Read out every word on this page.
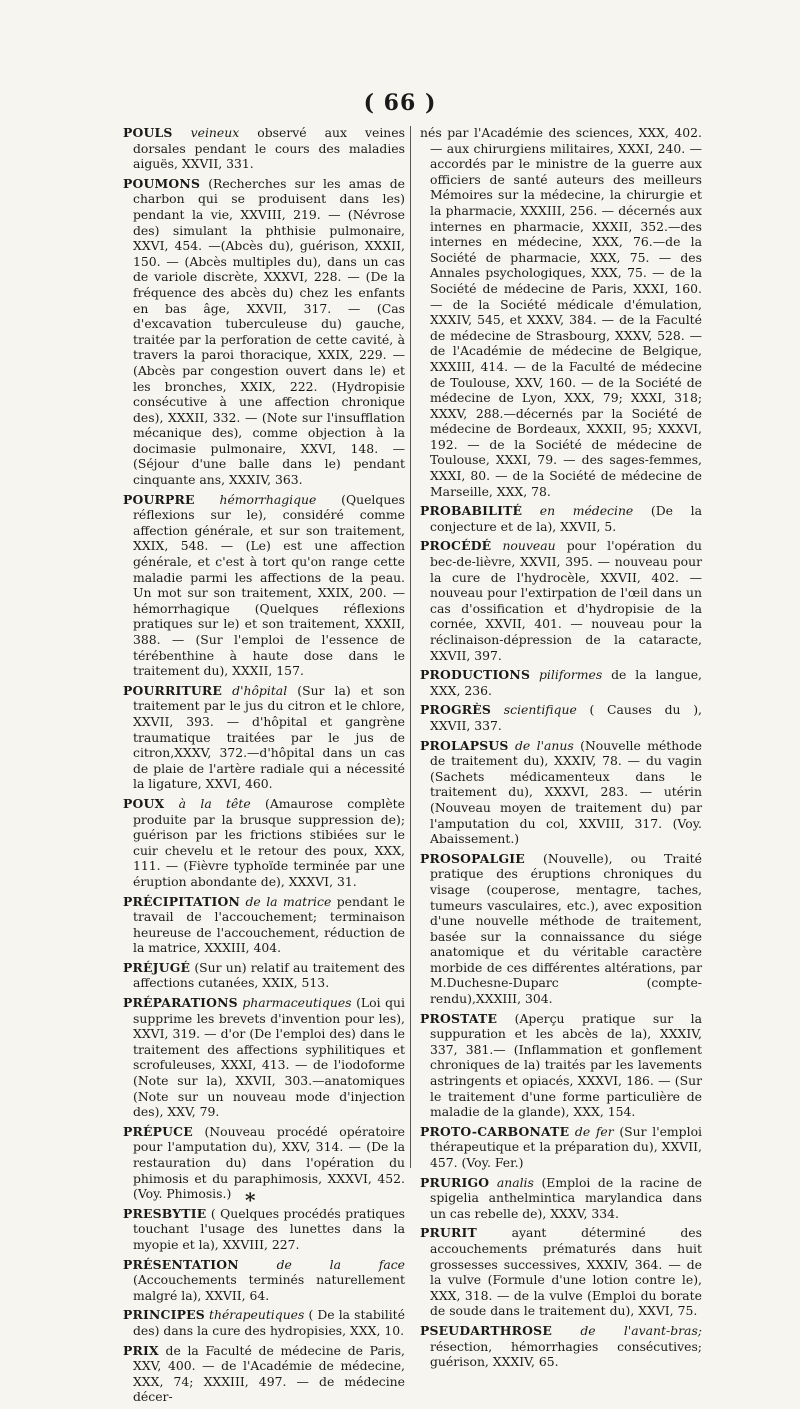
( 66 )

POULS veineux observé aux veines dorsales pendant le cours des maladies aiguës, XXVII, 331.

POUMONS (Recherches sur les amas de charbon qui se produisent dans les) pendant la vie, XXVIII, 219. — (Névrose des) simulant la phthisie pulmonaire, XXVI, 454. —(Abcès du), guérison, XXXII, 150. — (Abcès multiples du), dans un cas de variole discrète, XXXVI, 228. — (De la fréquence des abcès du) chez les enfants en bas âge, XXVII, 317. — (Cas d'excavation tuberculeuse du) gauche, traitée par la perforation de cette cavité, à travers la paroi thoracique, XXIX, 229. — (Abcès par congestion ouvert dans le) et les bronches, XXIX, 222. (Hydropisie consécutive à une affection chronique des), XXXII, 332. — (Note sur l'insufflation mécanique des), comme objection à la docimasie pulmonaire, XXVI, 148. — (Séjour d'une balle dans le) pendant cinquante ans, XXXIV, 363.

POURPRE hémorrhagique (Quelques réflexions sur le), considéré comme affection générale, et sur son traitement, XXIX, 548. — (Le) est une affection générale, et c'est à tort qu'on range cette maladie parmi les affections de la peau. Un mot sur son traitement, XXIX, 200. — hémorrhagique (Quelques réflexions pratiques sur le) et son traitement, XXXII, 388. — (Sur l'emploi de l'essence de térébenthine à haute dose dans le traitement du), XXXII, 157.

POURRITURE d'hôpital (Sur la) et son traitement par le jus du citron et le chlore, XXVII, 393. — d'hôpital et gangrène traumatique traitées par le jus de citron,XXXV, 372.—d'hôpital dans un cas de plaie de l'artère radiale qui a nécessité la ligature, XXVI, 460.

POUX à la tête (Amaurose complète produite par la brusque suppression de); guérison par les frictions stibiées sur le cuir chevelu et le retour des poux, XXX, 111. — (Fièvre typhoïde terminée par une éruption abondante de), XXXVI, 31.

PRÉCIPITATION de la matrice pendant le travail de l'accouchement; terminaison heureuse de l'accouchement, réduction de la matrice, XXXIII, 404.

PRÉJUGÉ (Sur un) relatif au traitement des affections cutanées, XXIX, 513.

PRÉPARATIONS pharmaceutiques (Loi qui supprime les brevets d'invention pour les), XXVI, 319. — d'or (De l'emploi des) dans le traitement des affections syphilitiques et scrofuleuses, XXXI, 413. — de l'iodoforme (Note sur la), XXVII, 303.—anatomiques (Note sur un nouveau mode d'injection des), XXV, 79.

PRÉPUCE (Nouveau procédé opératoire pour l'amputation du), XXV, 314. — (De la restauration du) dans l'opération du phimosis et du paraphimosis, XXXVI, 452. (Voy. Phimosis.)

PRESBYTIE ( Quelques procédés pratiques touchant l'usage des lunettes dans la myopie et la), XXVIII, 227.

PRÉSENTATION	de la face (Accouchements terminés naturellement malgré la), XXVII, 64.

PRINCIPES thérapeutiques ( De la stabilité des) dans la cure des hydropisies, XXX, 10.

PRIX de la Faculté de médecine de Paris, XXV, 400. — de l'Académie de médecine, XXX, 74; XXXIII, 497. — de médecine décer-

nés par l'Académie des sciences, XXX, 402. — aux chirurgiens militaires, XXXI, 240. — accordés par le ministre de la guerre aux officiers de santé auteurs des meilleurs Mémoires sur la médecine, la chirurgie et la pharmacie, XXXIII, 256. — décernés aux internes en pharmacie, XXXII, 352.—des internes en médecine, XXX, 76.—de la Société de pharmacie, XXX, 75. — des Annales psychologiques, XXX, 75. — de la Société de médecine de Paris, XXXI, 160. — de la Société médicale d'émulation, XXXIV, 545, et XXXV, 384. — de la Faculté de médecine de Strasbourg, XXXV, 528. — de l'Académie de médecine de Belgique, XXXIII, 414. — de la Faculté de médecine de Toulouse, XXV, 160. — de la Société de médecine de Lyon, XXX, 79; XXXI, 318; XXXV, 288.—décernés par la Société de médecine de Bordeaux, XXXII, 95; XXXVI, 192. — de la Société de médecine de Toulouse, XXXI, 79. — des sages-femmes, XXXI, 80. — de la Société de médecine de Marseille, XXX, 78.

PROBABILITÉ en médecine (De la conjecture et de la), XXVII, 5.

PROCÉDÉ nouveau pour l'opération du bec-de-lièvre, XXVII, 395. — nouveau pour la cure de l'hydrocèle, XXVII, 402. — nouveau pour l'extirpation de l'œil dans un cas d'ossification et d'hydropisie de la cornée, XXVII, 401. — nouveau pour la réclinaison-dépression de la cataracte, XXVII, 397.

PRODUCTIONS piliformes de la langue, XXX, 236.

PROGRÈS scientifique ( Causes du ), XXVII, 337.

PROLAPSUS de l'anus (Nouvelle méthode de traitement du), XXXIV, 78. — du vagin (Sachets médicamenteux dans le traitement du), XXXVI, 283. — utérin (Nouveau moyen de traitement du) par l'amputation du col, XXVIII, 317. (Voy. Abaissement.)

PROSOPALGIE (Nouvelle), ou Traité pratique des éruptions chroniques du visage (couperose, mentagre, taches, tumeurs vasculaires, etc.), avec exposition d'une nouvelle méthode de traitement, basée sur la connaissance du siége anatomique et du véritable caractère morbide de ces différentes altérations, par M.Duchesne-Duparc (compte-rendu),XXXIII, 304.

PROSTATE (Aperçu pratique sur la suppuration et les abcès de la), XXXIV, 337, 381.— (Inflammation et gonflement chroniques de la) traités par les lavements astringents et opiacés, XXXVI, 186. — (Sur le traitement d'une forme particulière de maladie de la glande), XXX, 154.

PROTO-CARBONATE de fer (Sur l'emploi thérapeutique et la préparation du), XXVII, 457. (Voy. Fer.)

PRURIGO analis (Emploi de la racine de spigelia anthelmintica marylandica dans un cas rebelle de), XXXV, 334.

PRURIT	ayant déterminé des accouchements prématurés dans huit grossesses successives, XXXIV, 364. — de la vulve (Formule d'une lotion contre le), XXX, 318. — de la vulve (Emploi du borate de soude dans le traitement du), XXVI, 75.

PSEUDARTHROSE de l'avant-bras; résection, hémorrhagies consécutives; guérison, XXXIV, 65.

*
